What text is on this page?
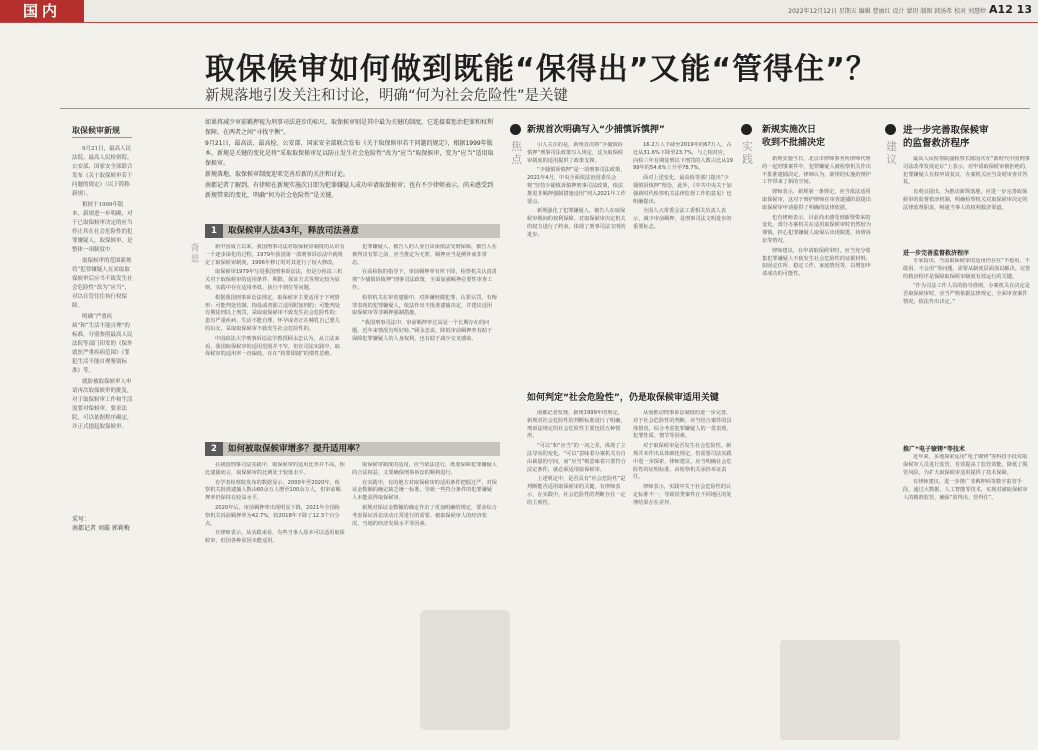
国内	2022年12月12日 星期五 编辑 曹丽红 设计 蒙玥 制图 韩汤希 校对 刘慧婷 A12 13
取保候审如何做到既能“保得出”又能“管得住”？
新规落地引发关注和讨论，明确“何为社会危险性”是关键
取保候审新规

9月21日，最高人民法院、最高人民检察院、公安部、国家安全部联合发布《关于取保候审若干问题的规定》（以下简称新规）。

相较于1999年版本，新规进一步明确，对于已取保候审决定的应当停止其在社会危险性的犯罪嫌疑人，取保候审，是整体一项制度中。

取保候审的范围新规将“犯罪嫌疑人在采取取保候审后应当不致发生社会危险性”改为“应当”，对以在管住住执行权保障。

明确“严重疾病”和“生活不能自理”的标准，分别参照最高人民法院等部门印发的《保外就医严重疾病范围》《罪犯生活不能自理鉴别标准》等。

就防被取保候审人申请再次取保候审的批复，对于取保候审工作和生活需要对保候审，要求法院，可以依据程序确定，并正式提起取保候审。

采写：
南都记者 刘璇 郭莉梅

如果将减少审前羁押视为刑事司法进步的标尺，取保候审则是其中最为关键的制度，它连接着惩治犯罪和权利保障，在两者之间“寻找平衡”。

9月21日，最高法、最高检、公安部、国家安全部联合发布《关于取保候审若干问题的规定》，根据1999年版本，新规是关键的变化是将“采取取保候审足以防止发生社会危险性”改为“应当”取保候审，变为“应当”适用取保候审。

新规落地，取保候审制度迎来完善后新的关注和讨论。

南都记者了解到，有律师在新规实施次日即为犯罪嫌疑人成功申请取保候审；也有不少律师表示，尚未感受到新规带来的变化，明确“何为社会危险性”是关键。

1 取保候审人法43年，释放司法善意
背景

新中国成立以来，我国刑事司法对取保候审制度的认识有一个逐步深化的过程。1979年我国第一部刑事诉讼法中就规定了取保候审制度，1996年修订时对其进行了较大修改。

取保候审1979年写进我国刑事诉讼法，但是分检法三机关对于取保候审的适用条件、期限、保证方式等规定较为原则，实践中存在适用率低、执行不到位等问题。

根据我国刑事诉讼法规定，取保候审主要适用于下列情形：可能判处管制、拘役或者独立适用附加刑的；可能判处有期徒刑以上刑罚，采取取保候审不致发生社会危险性的；患有严重疾病、生活不能自理，怀孕或者正在哺乳自己婴儿的妇女，采取取保候审不致发生社会危险性的。

中国政法大学刑事诉讼法学教授顾永忠认为，从立法来看，我国取保候审的适用范围并不窄，但在司法实践中，取保候审的适用率一直偏低，存在“构罪即捕”的惯性思维。

犯罪嫌疑人、被告人的人身自由须依法受到保障，被告人在被判决有罪之前，应当推定为无罪，羁押应当是例外而非常态。

在高检院的指导下，审前羁押率有所下降，检察机关认真贯彻“少捕慎诉慎押”刑事司法政策，全面加强羁押必要性审查工作。

检察机关在审查逮捕中，对涉嫌轻微犯罪、认罪认罚、有悔罪表现的犯罪嫌疑人，依法作出不批准逮捕决定，并建议适用取保候审等非羁押强制措施。

“我国刑事司法中，审前羁押率过高是一个长期存在的问题，近年来情况有所好转。”顾永忠说，降低审前羁押率有助于保障犯罪嫌疑人的人身权利，也有助于减少交叉感染。

2 如何被取保候审增多？提升适用率？

在我国刑事司法实践中，取保候审的适用比率并不高，相比逮捕而言，取保候审的比例处于较低水平。

有学者检察院发布的数据显示，2000年至2020年，检察机关批准逮捕人数由60余万人增至100余万人，但审前羁押率仍保持在较高水平。

2020年后，审前羁押率出现明显下降，2021年全国检察机关诉前羁押率为42.7%，较2018年下降了12.3个百分点。

有律师表示，从实践来看，有些当事人原本可以适用取保候审，但因各种原因未能适用。

取保候审制度的适用，应当依法进行，既要保障犯罪嫌疑人的合法权益，又要确保刑事诉讼的顺利进行。

在实践中，有的地方对取保候审的适用条件把握过严，对保证金数额的确定缺乏统一标准，导致一些符合条件的犯罪嫌疑人未能获得取保候审。

新规对保证金数额的确定作出了更加明确的规定，要求综合考虑保证诉讼活动正常进行的需要、被取保候审人的经济状况、当地的经济发展水平等因素。

焦点
新规首次明确写入“少捕慎诉慎押”

引人关注的是，新规首次将“少捕慎诉慎押”刑事司法政策写入规定，这为取保候审制度的适用提供了政策支撑。

“少捕慎诉慎押”是一项刑事司法政策，2021年4月，中央全面依法治国委员会将“坚持少捕慎诉慎押刑事司法政策，依法推进非羁押强制措施适用”列入2021年工作要点。

新规强化了犯罪嫌疑人、被告人在取保候审期间的权利保障，对取保候审决定机关的权力进行了约束，体现了刑事司法文明的进步。

16.2万人下降至2019年的67万人，占比从31.6%下降至23.7%，与之相对应，向检三年有期徒刑以下刑罚的人数占比从1999年的54.6%上升至78.7%。

面对上述变化，最高检等部门提出“少捕慎诉慎押”理念，此外，《中共中央关于加强新时代检察机关法律监督工作的意见》也明确提出。

全国人大常委会法工委相关负责人表示，减少审前羁押，是刑事司法文明进步的重要标志。

如何判定“社会危险性”，仍是取保候审适用关键

南都记者发现，新规1999年的规定，新规对社会危险性的判断标准进行了明确，刑诉法规定的社会危险性主要包括五种情形。

“可以”和“应当”的一词之差，体现了立法导向的变化。“可以”意味着办案机关有自由裁量的空间，而“应当”则意味着只要符合法定条件，就必须适用取保候审。

上述规定中，是否具有“社会危险性”是判断能否适用取保候审的关键。有律师表示，在实践中，社会危险性的判断存在一定的主观性。

从而推动刑事诉讼制度的进一步完善，对于社会危险性的判断，应当结合案件的具体情况，综合考虑犯罪嫌疑人的一贯表现、犯罪性质、情节等因素。

对于取保候审是否发生社会危险性，新规并未作出具体细化规定，仍需要司法实践中进一步探索，律师建议，应当明确社会危险性的证明标准，由检察机关承担举证责任。

律师表示，实践中关于社会危险性的认定标准不一，导致同类案件在不同地区的处理结果存在差异。

实践
新规实施次日
收到不批捕决定

新规实施当日，北京市律师事务所律师代理的一起刑事案件中，犯罪嫌疑人被检察机关作出不批准逮捕决定，律师认为，新规的实施给辩护工作带来了新的空间。

律师表示，新规第一条规定，应当依法适用取保候审，这对于辩护律师在审查逮捕阶段提出取保候审申请提供了明确的法律依据。

也有律师表示，目前尚未感受到新规带来的变化，部分办案机关在适用取保候审时仍然较为谨慎，担心犯罪嫌疑人取保后出现脱逃、妨碍诉讼等情况。

律师建议，在申请取保候审时，应当充分收集犯罪嫌疑人不致发生社会危险性的证据材料，如固定住所、稳定工作、家庭情况等，以增加申请成功的可能性。

建议
进一步完善取保候审
的监督救济程序

最高人民检察院副检察长陈国庆在“新时代中国刑事司法改革发展论坛”上表示，对申请取保候审被拒绝的，犯罪嫌疑人有权申请复议，办案机关应当及时审查并答复。

有观点提出，为推动新规落地，应进一步完善取保候审的监督救济机制，明确检察机关对取保候审决定的法律监督职责，畅通当事人的权利救济渠道。

进一步完善监督救济程序

专家指出，当前取保候审的适用仍存在“不愿用、不敢用、不会用”等问题，需要从制度层面加以解决。完善的救济程序是保障取保候审制度有效运行的关键。

“作为司法工作人员的指导准则，办案机关在决定是否取保候审时，应当严格依据法律规定，全面审查案件情况，依法作出决定。”

推广“电子镣铐”等技术

近年来，多地探索运用“电子镣铐”等科技手段对取保候审人员进行监管，有效提高了监管效能，降低了脱管风险，为扩大取保候审适用提供了技术保障。

有律师建议，进一步推广非羁押码等数字监管手段，通过大数据、人工智能等技术，实现对被取保候审人的精准监管，确保“放得出、管得住”。
